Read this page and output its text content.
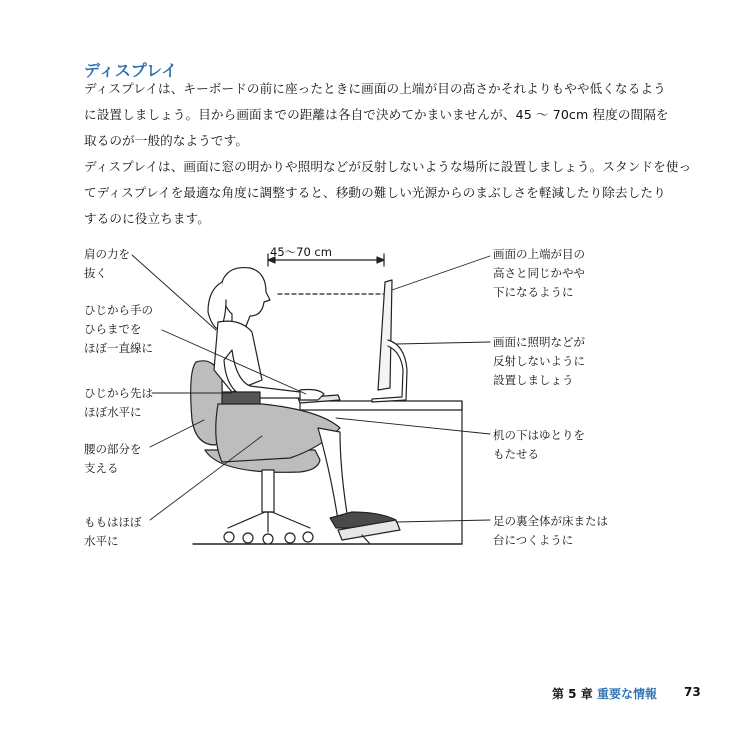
ディスプレイ
ディスプレイは、キーボードの前に座ったときに画面の上端が目の高さかそれよりもやや低くなるよう
に設置しましょう。目から画面までの距離は各自で決めてかまいませんが、45 ～ 70cm 程度の間隔を
取るのが一般的なようです。
ディスプレイは、画面に窓の明かりや照明などが反射しないような場所に設置しましょう。スタンドを使っ
てディスプレイを最適な角度に調整すると、移動の難しい光源からのまぶしさを軽減したり除去したり
するのに役立ちます。
45〜70 cm
肩の力を
抜く
ひじから手の
ひらまでを
ほぼ一直線に
ひじから先は
ほぼ水平に
腰の部分を
支える
ももはほぼ
水平に
画面の上端が目の
高さと同じかやや
下になるように
画面に照明などが
反射しないように
設置しましょう
机の下はゆとりを
もたせる
足の裏全体が床または
台につくように
第 5 章 重要な情報 73
